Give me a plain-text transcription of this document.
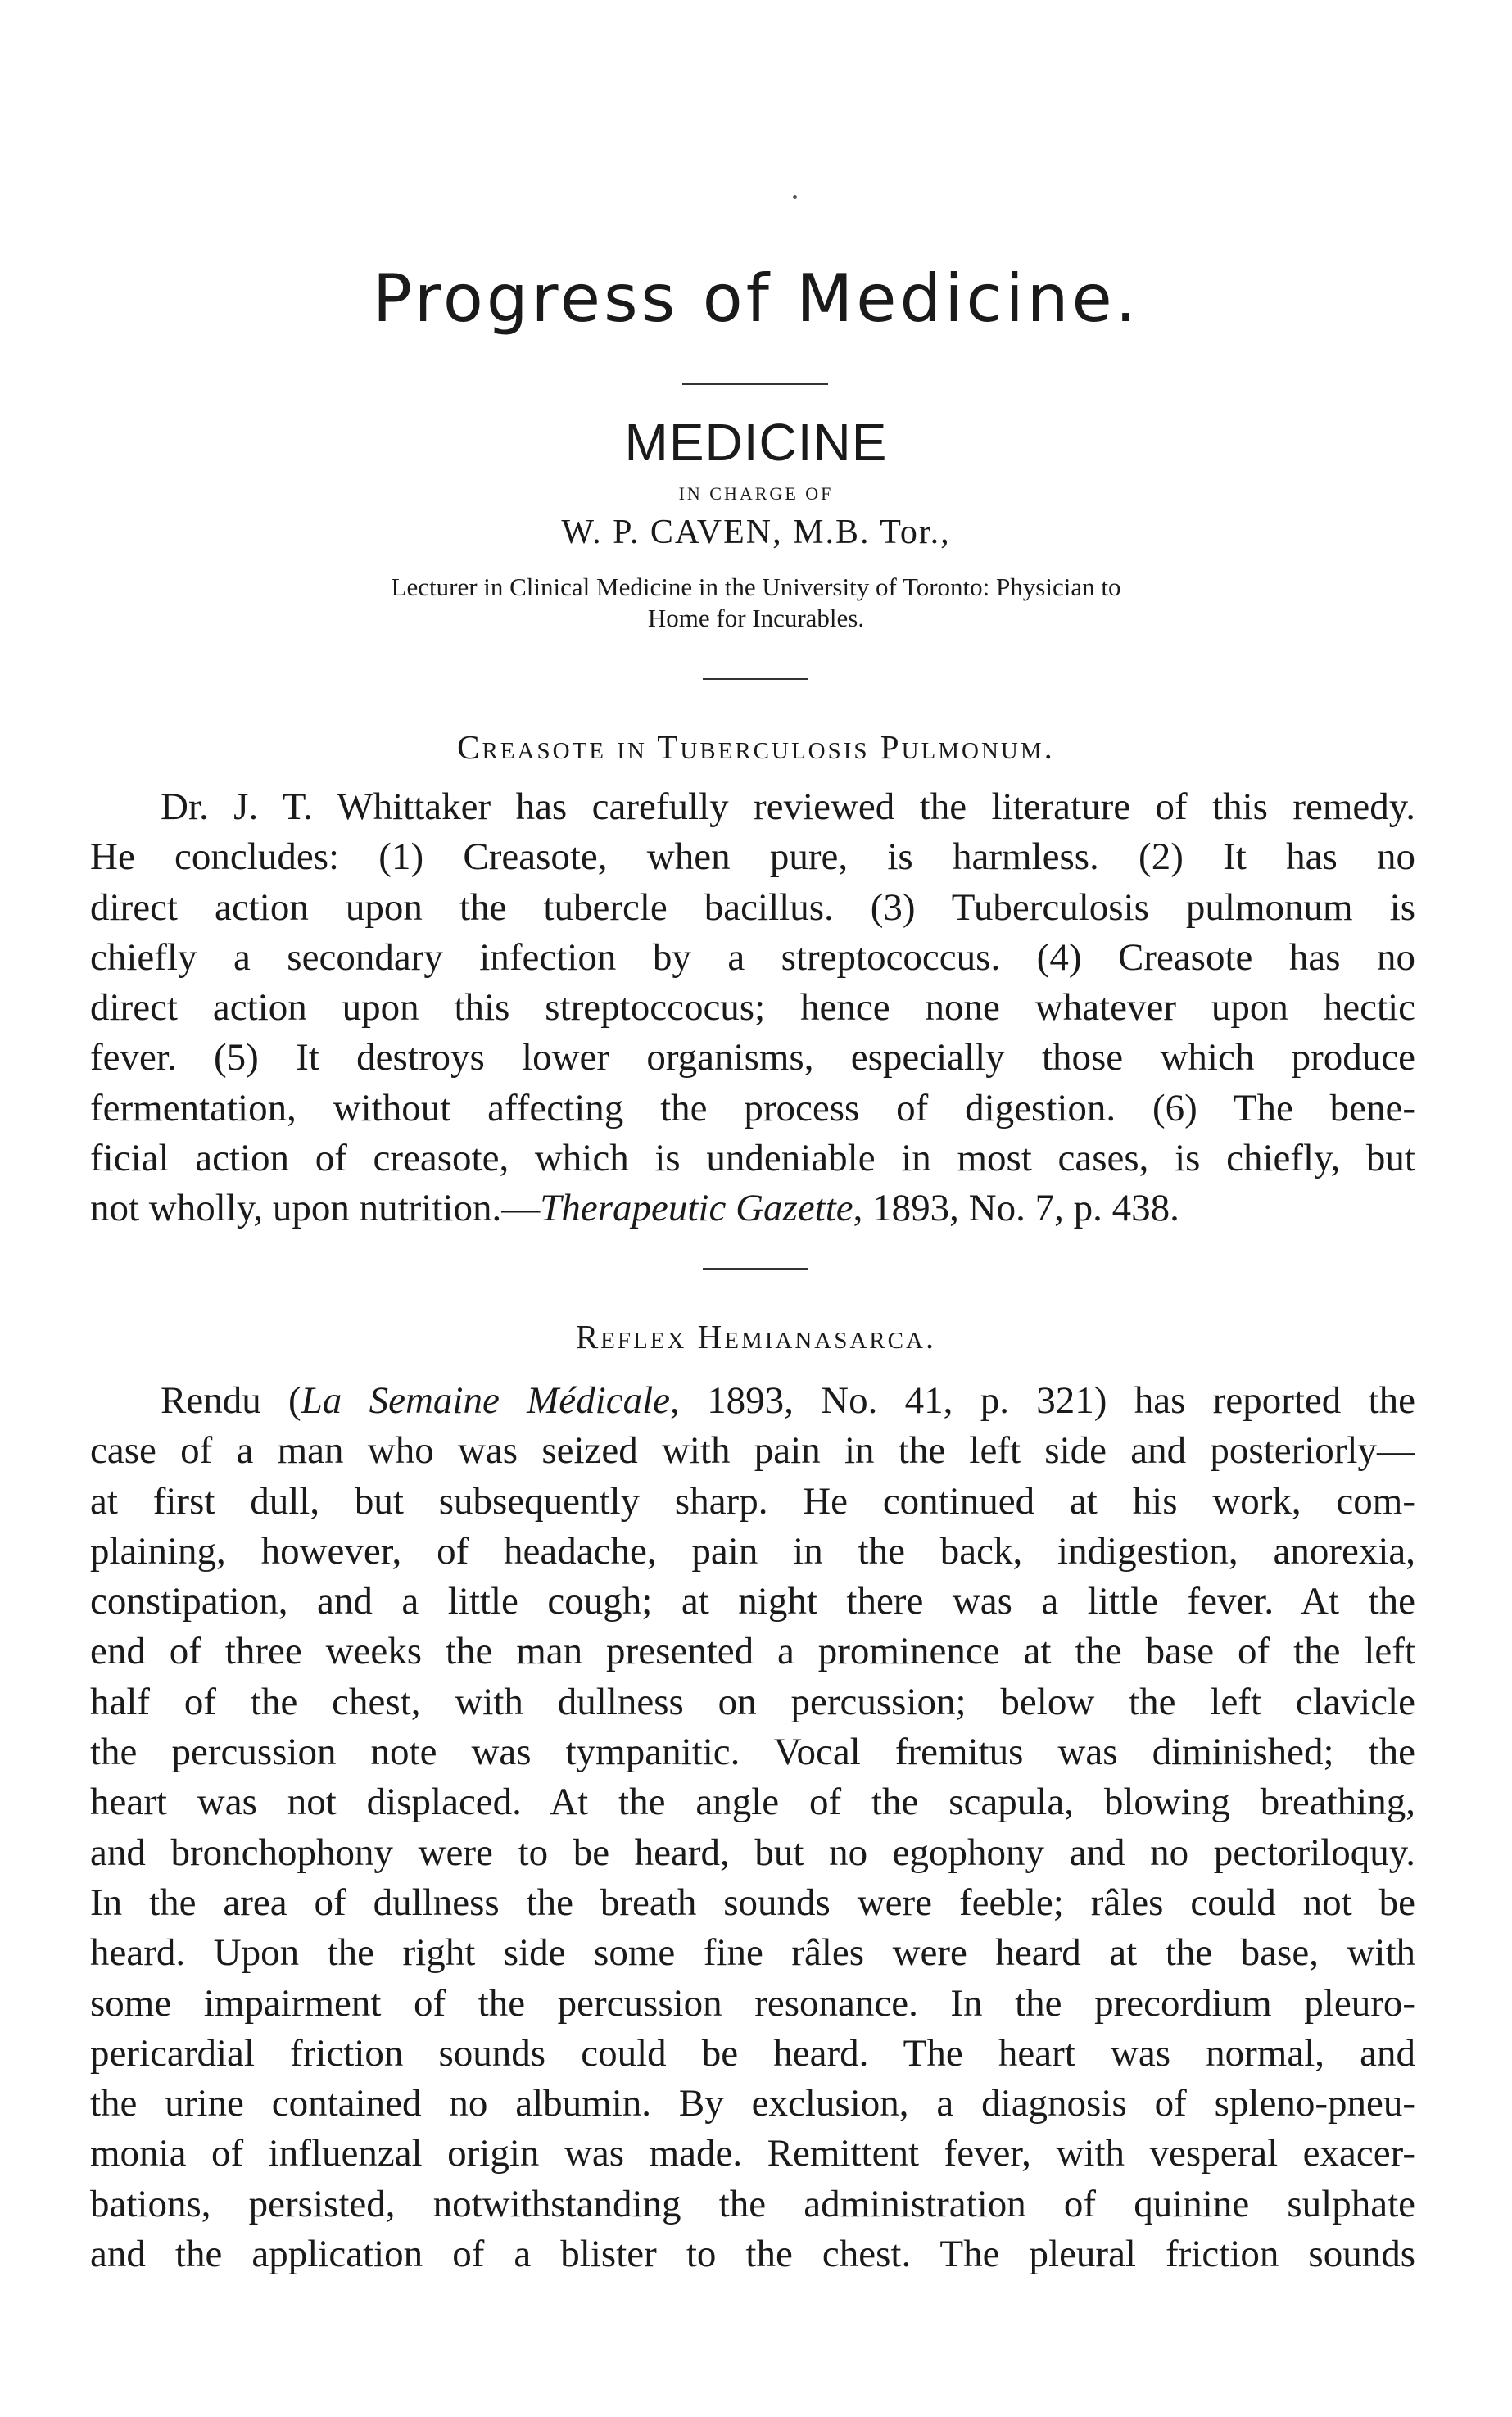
Progress of Medicine.
MEDICINE
IN CHARGE OF
W. P. CAVEN, M.B. Tor.,
Lecturer in Clinical Medicine in the University of Toronto: Physician to
Home for Incurables.
Creasote in Tuberculosis Pulmonum.
Dr. J. T. Whittaker has carefully reviewed the literature of this remedy.
He concludes: (1) Creasote, when pure, is harmless. (2) It has no
direct action upon the tubercle bacillus. (3) Tuberculosis pulmonum is
chiefly a secondary infection by a streptococcus. (4) Creasote has no
direct action upon this streptoccocus; hence none whatever upon hectic
fever. (5) It destroys lower organisms, especially those which produce
fermentation, without affecting the process of digestion. (6) The bene-
ficial action of creasote, which is undeniable in most cases, is chiefly, but
not wholly, upon nutrition.—Therapeutic Gazette, 1893, No. 7, p. 438.
Reflex Hemianasarca.
Rendu (La Semaine Médicale, 1893, No. 41, p. 321) has reported the
case of a man who was seized with pain in the left side and posteriorly—
at first dull, but subsequently sharp. He continued at his work, com-
plaining, however, of headache, pain in the back, indigestion, anorexia,
constipation, and a little cough; at night there was a little fever. At the
end of three weeks the man presented a prominence at the base of the left
half of the chest, with dullness on percussion; below the left clavicle
the percussion note was tympanitic. Vocal fremitus was diminished; the
heart was not displaced. At the angle of the scapula, blowing breathing,
and bronchophony were to be heard, but no egophony and no pectoriloquy.
In the area of dullness the breath sounds were feeble; râles could not be
heard. Upon the right side some fine râles were heard at the base, with
some impairment of the percussion resonance. In the precordium pleuro-
pericardial friction sounds could be heard. The heart was normal, and
the urine contained no albumin. By exclusion, a diagnosis of spleno-pneu-
monia of influenzal origin was made. Remittent fever, with vesperal exacer-
bations, persisted, notwithstanding the administration of quinine sulphate
and the application of a blister to the chest. The pleural friction sounds
